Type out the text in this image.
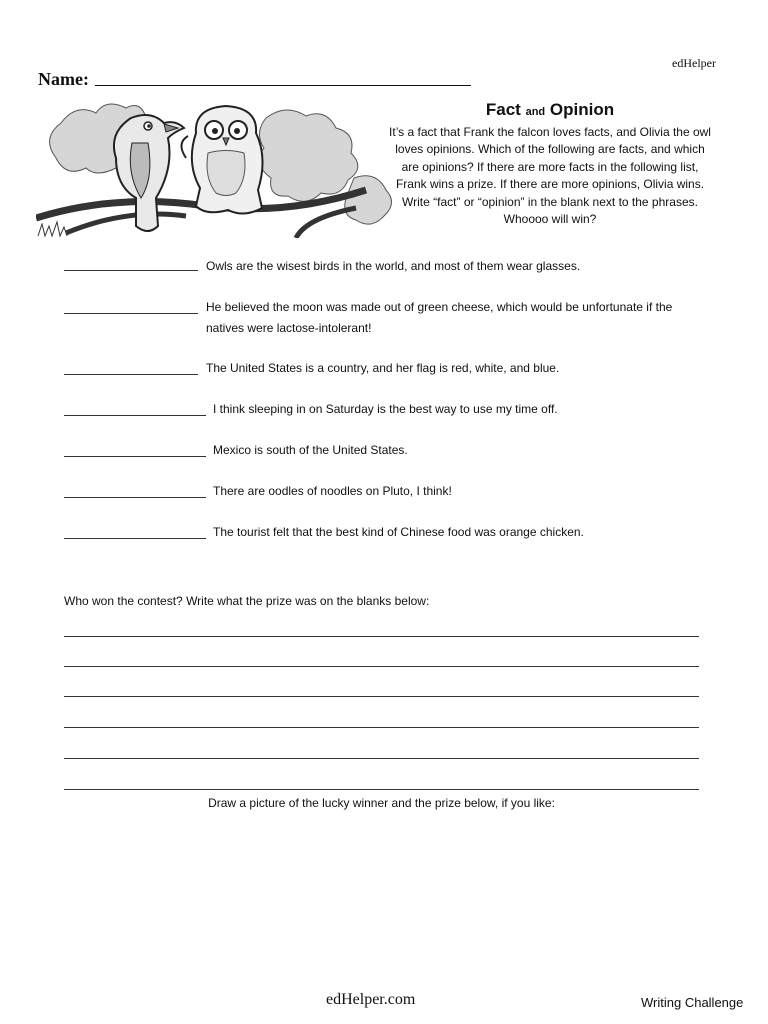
edHelper
Name:
Fact and Opinion
It’s a fact that Frank the falcon loves facts, and Olivia the owl loves opinions. Which of the following are facts, and which are opinions? If there are more facts in the following list, Frank wins a prize. If there are more opinions, Olivia wins. Write “fact” or “opinion” in the blank next to the phrases. Whoooo will win?
Owls are the wisest birds in the world, and most of them wear glasses.
He believed the moon was made out of green cheese, which would be unfortunate if the natives were lactose-intolerant!
The United States is a country, and her flag is red, white, and blue.
I think sleeping in on Saturday is the best way to use my time off.
Mexico is south of the United States.
There are oodles of noodles on Pluto, I think!
The tourist felt that the best kind of Chinese food was orange chicken.
Who won the contest? Write what the prize was on the blanks below:
Draw a picture of the lucky winner and the prize below, if you like:
edHelper.com	Writing Challenge
